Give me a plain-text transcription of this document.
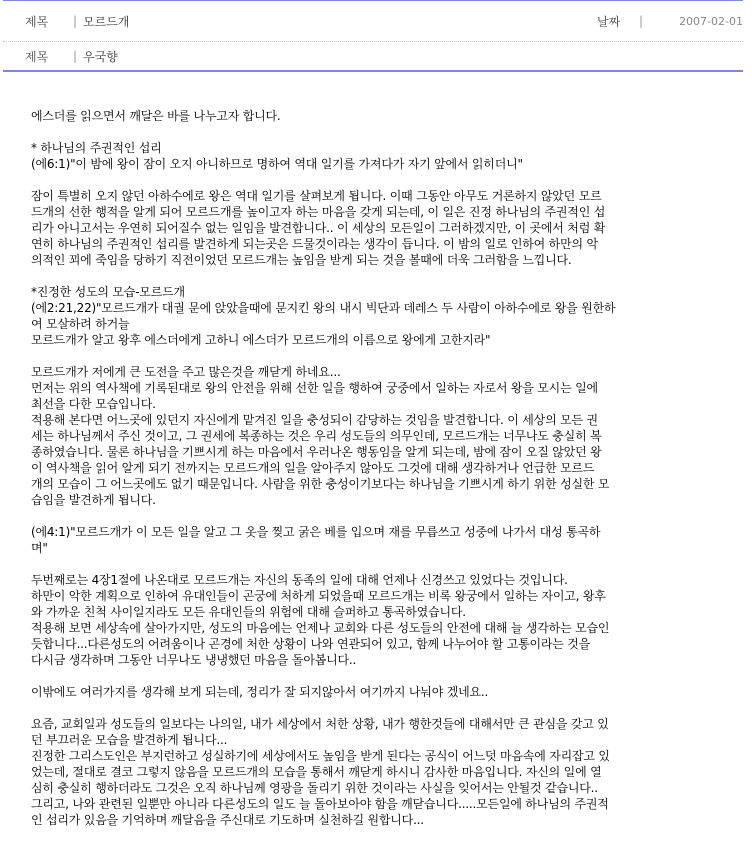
제목	| 모르드개	날짜	|	2007-02-01
제목	| 우국향

에스더를 읽으면서 깨달은 바를 나누고자 합니다.

* 하나님의 주권적인 섭리

(에6:1)"이 밤에 왕이 잠이 오지 아니하므로 명하여 역대 일기를 가져다가 자기 앞에서 읽히더니"

잠이 특별히 오지 않던 아하수에로 왕은 역대 일기를 살펴보게 됩니다. 이때 그동안 아무도 거론하지 않았던 모르

드개의 선한 행적을 알게 되어 모르드개를 높이고자 하는 마음을 갖게 되는데, 이 일은 진정 하나님의 주권적인 섭

리가 아니고서는 우연히 되어질수 없는 일임을 발견합니다.. 이 세상의 모든일이 그러하겠지만, 이 곳에서 처럼 확

연히 하나님의 주권적인 섭리를 발견하게 되는곳은 드물것이라는 생각이 듭니다. 이 밤의 일로 인하여 하만의 악

의적인 꾀에 죽임을 당하기 직전이었던 모르드개는 높임을 받게 되는 것을 볼때에 더욱 그러함을 느낍니다.

*진정한 성도의 모습-모르드개

(에2:21,22)"모르드개가 대궐 문에 앉았을때에 문지킨 왕의 내시 빅단과 데레스 두 사람이 아하수에로 왕을 원한하

여 모살하려 하거늘

모르드개가 알고 왕후 에스더에게 고하니 에스더가 모르드개의 이름으로 왕에게 고한지라"

모르드개가 저에게 큰 도전을 주고 많은것을 깨닫게 하네요...

먼저는 위의 역사책에 기록된대로 왕의 안전을 위해 선한 일을 행하여 궁중에서 일하는 자로서 왕을 모시는 일에

최선을 다한 모습입니다.

적용해 본다면 어느곳에 있던지 자신에게 맡겨진 일을 충성되이 감당하는 것임을 발견합니다. 이 세상의 모든 권

세는 하나님께서 주신 것이고, 그 권세에 복종하는 것은 우리 성도들의 의무인데, 모르드개는 너무나도 충실히 복

종하였습니다. 물론 하나님을 기쁘시게 하는 마음에서 우러나온 행동임을 알게 되는데, 밤에 잠이 오질 않았던 왕

이 역사책을 읽어 알게 되기 전까지는 모르드개의 일을 알아주지 않아도 그것에 대해 생각하거나 언급한 모르드

개의 모습이 그 어느곳에도 없기 때문입니다. 사람을 위한 충성이기보다는 하나님을 기쁘시게 하기 위한 성실한 모

습임을 발견하게 됩니다.

(에4:1)"모르드개가 이 모든 일을 알고 그 옷을 찢고 굵은 베를 입으며 재를 무릅쓰고 성중에 나가서 대성 통곡하

며"

두번째로는 4장1절에 나온대로 모르드개는 자신의 동족의 일에 대해 언제나 신경쓰고 있었다는 것입니다.

하만이 악한 계획으로 인하여 유대인들이 곤궁에 처하게 되었을때 모르드개는 비록 왕궁에서 일하는 자이고, 왕후

와 가까운 친척 사이일지라도 모든 유대인들의 위험에 대해 슬퍼하고 통곡하였습니다.

적용해 보면 세상속에 살아가지만, 성도의 마음에는 언제나 교회와 다른 성도들의 안전에 대해 늘 생각하는 모습인

듯합니다...다른성도의 어려움이나 곤경에 처한 상황이 나와 연관되어 있고, 함께 나누어야 할 고통이라는 것을

다시금 생각하며 그동안 너무나도 냉냉했던 마음을 돌아봅니다..

이밖에도 여러가지를 생각해 보게 되는데, 정리가 잘 되지않아서 여기까지 나눠야 겠네요..

요즘, 교회일과 성도들의 일보다는 나의일, 내가 세상에서 처한 상황, 내가 행한것들에 대해서만 큰 관심을 갖고 있

던 부끄러운 모습을 발견하게 됩니다...

진정한 그리스도인은 부지런하고 성실하기에 세상에서도 높임을 받게 된다는 공식이 어느덧 마음속에 자리잡고 있

었는데, 절대로 결코 그렇지 않음을 모르드개의 모습을 통해서 깨닫게 하시니 감사한 마음입니다. 자신의 일에 열

심히 충실히 행하더라도 그것은 오직 하나님께 영광을 돌리기 위한 것이라는 사실을 잊어서는 안될것 같습니다..

그리고, 나와 관련된 일뿐만 아니라 다른성도의 일도 늘 돌아보아야 함을 깨닫습니다.....모든일에 하나님의 주권적

인 섭리가 있음을 기억하며 깨달음을 주신대로 기도하며 실천하길 원합니다...
